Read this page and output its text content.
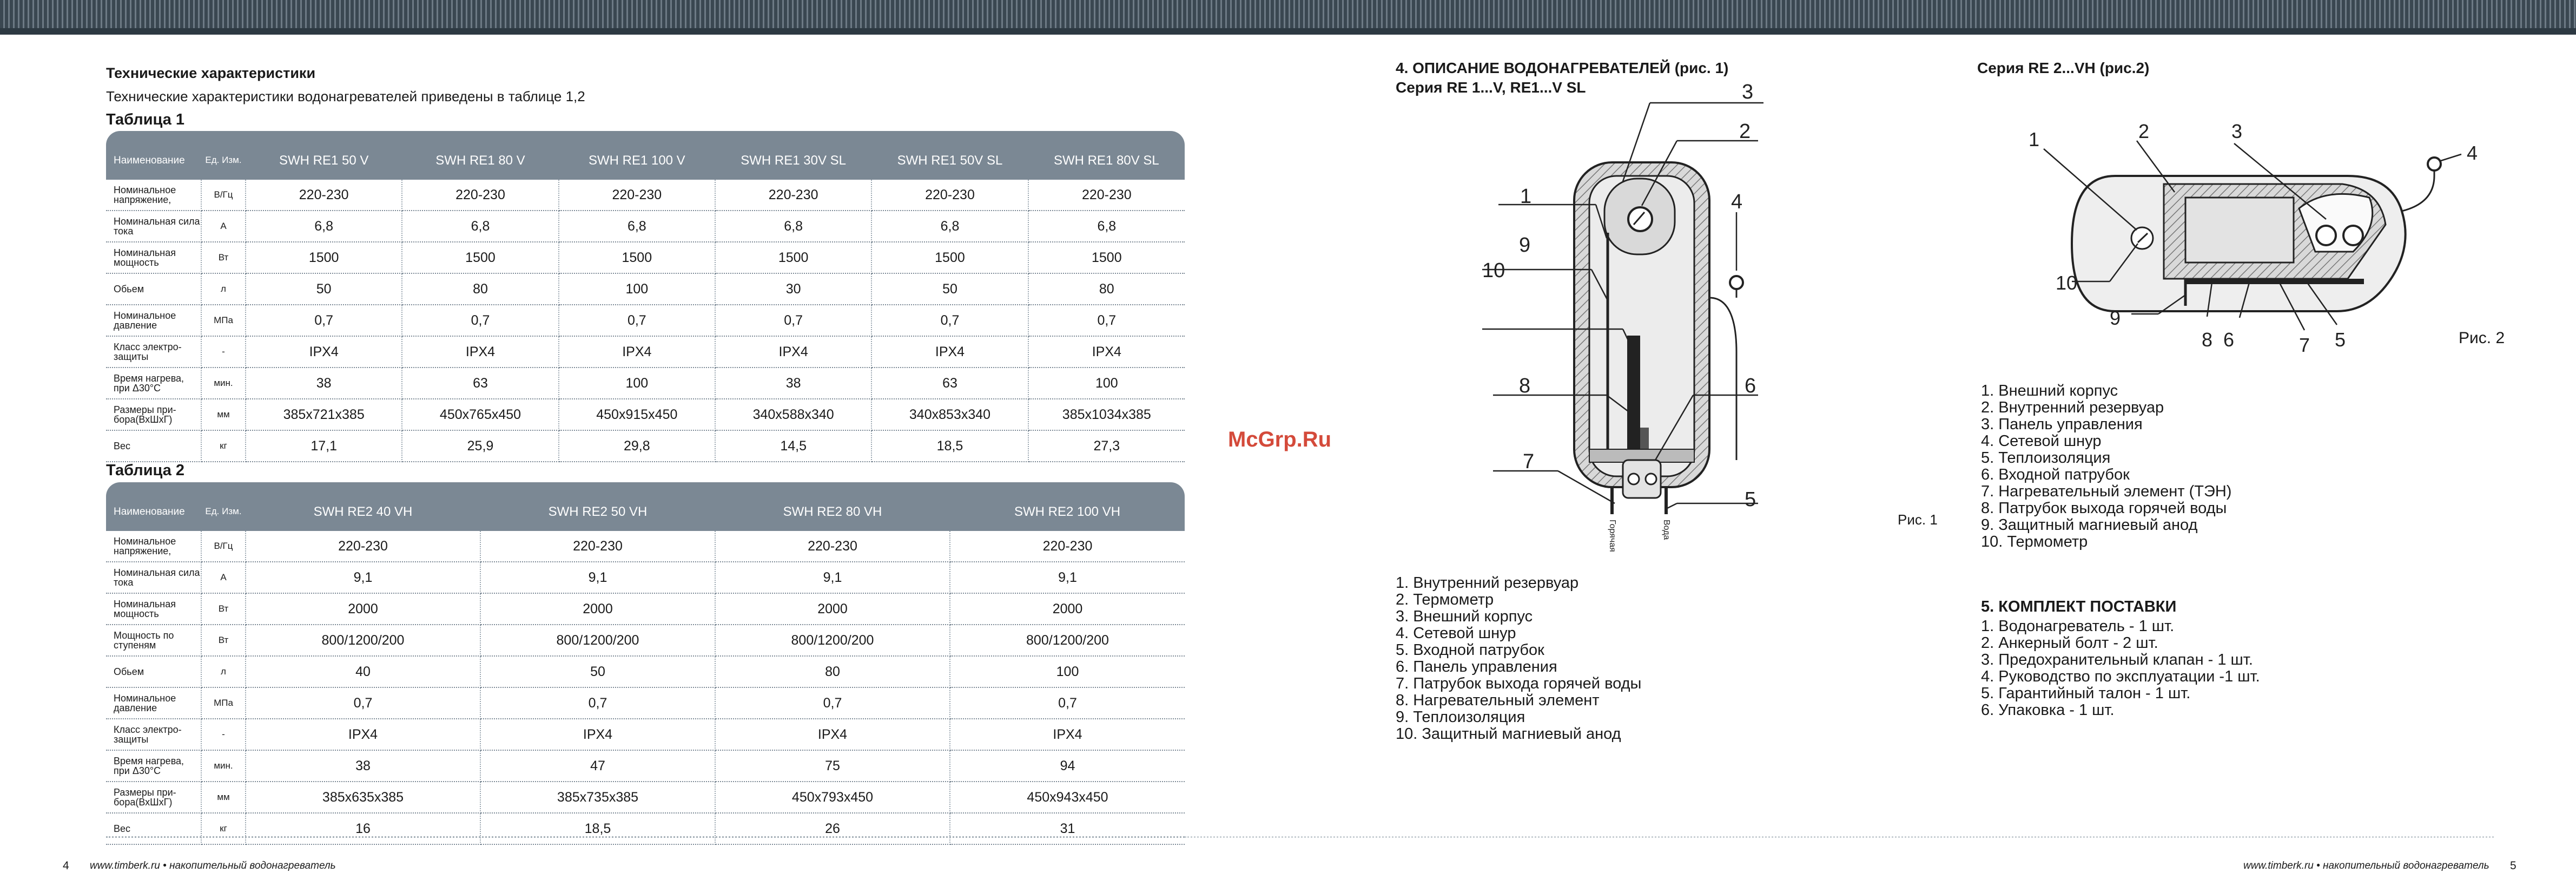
Технические характеристики
Технические характеристики водонагревателей приведены в таблице 1,2
Таблица 1
Наименование	Ед. Изм.	SWH RE1 50 V	SWH RE1 80 V	SWH RE1 100 V	SWH RE1 30V SL	SWH RE1 50V SL	SWH RE1 80V SL
Номинальное напряжение,	В/Гц	220-230	220-230	220-230	220-230	220-230	220-230
Номинальная сила тока	А	6,8	6,8	6,8	6,8	6,8	6,8
Номинальная мощность	Вт	1500	1500	1500	1500	1500	1500
Обьем	л	50	80	100	30	50	80
Номинальное давление	МПа	0,7	0,7	0,7	0,7	0,7	0,7
Класс электро-защиты	-	IPX4	IPX4	IPX4	IPX4	IPX4	IPX4
Время нагрева, при Δ30°С	мин.	38	63	100	38	63	100
Размеры при-бора(ВхШхГ)	мм	385x721x385	450x765x450	450x915x450	340x588x340	340x853x340	385x1034x385
Вес	кг	17,1	25,9	29,8	14,5	18,5	27,3
Таблица 2
Наименование	Ед. Изм.	SWH RE2 40 VH	SWH RE2 50 VH	SWH RE2 80 VH	SWH RE2 100 VH
Номинальное напряжение,	В/Гц	220-230	220-230	220-230	220-230
Номинальная сила тока	А	9,1	9,1	9,1	9,1
Номинальная мощность	Вт	2000	2000	2000	2000
Мощность по ступеням	Вт	800/1200/200	800/1200/200	800/1200/200	800/1200/200
Обьем	л	40	50	80	100
Номинальное давление	МПа	0,7	0,7	0,7	0,7
Класс электро-защиты	-	IPX4	IPX4	IPX4	IPX4
Время нагрева, при Δ30°С	мин.	38	47	75	94
Размеры при-бора(ВхШхГ)	мм	385x635x385	385x735x385	450x793x450	450x943x450
Вес	кг	16	18,5	26	31
4 www.timberk.ru • накопительный водонагреватель
McGrp.Ru
4. ОПИСАНИЕ ВОДОНАГРЕВАТЕЛЕЙ (рис. 1)
Серия RE 1...V, RE1...V SL
1
2
3
4
5
6
7
8
9
10
Горячая	Вода	Рис. 1
1. Внутренний резервуар
2. Термометр
3. Внешний корпус
4. Сетевой шнур
5. Входной патрубок
6. Панель управления
7. Патрубок выхода горячей воды
8. Нагревательный элемент
9. Теплоизоляция
10. Защитный магниевый анод
Серия RE 2...VH (рис.2)
1	2	3
4
5
6	7
8
9
10
Рис. 2
1. Внешний корпус
2. Внутренний резервуар
3. Панель управления
4. Сетевой шнур
5. Теплоизоляция
6. Входной патрубок
7. Нагревательный элемент (ТЭН)
8. Патрубок выхода горячей воды
9. Защитный магниевый анод
10. Термометр
5. КОМПЛЕКТ ПОСТАВКИ
1. Водонагреватель - 1 шт.
2. Анкерный болт - 2 шт.
3. Предохранительный клапан - 1 шт.
4. Руководство по эксплуатации -1 шт.
5. Гарантийный талон - 1 шт.
6. Упаковка - 1 шт.
www.timberk.ru • накопительный водонагреватель 5
